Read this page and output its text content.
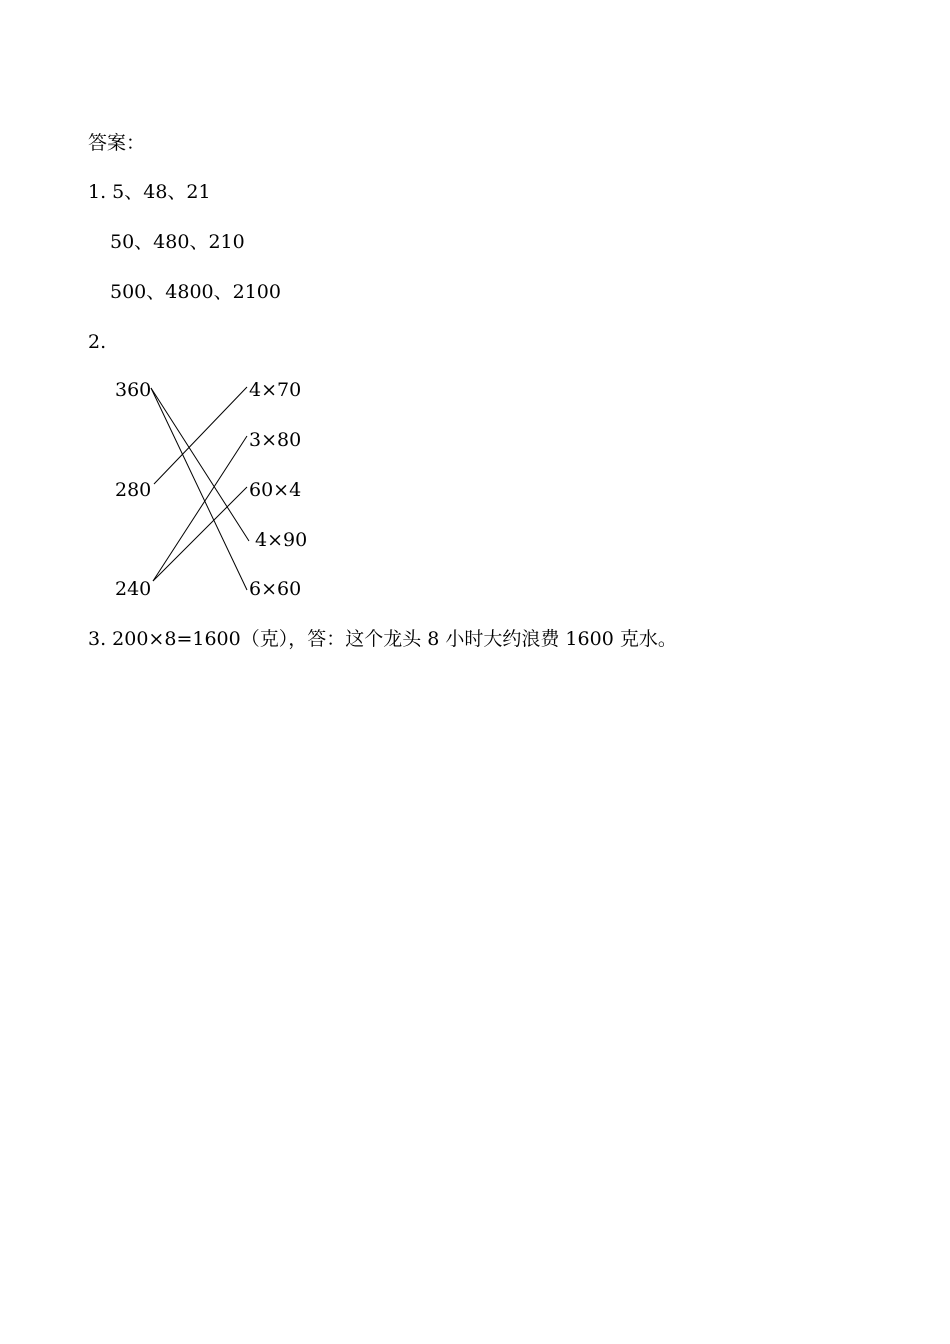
答案：
1. 5、48、21
50、480、210
500、4800、2100
2.
360
280
240
4×70
3×80
60×4
4×90
6×60
3. 200×8=1600（克），答：这个龙头 8 小时大约浪费 1600 克水。
